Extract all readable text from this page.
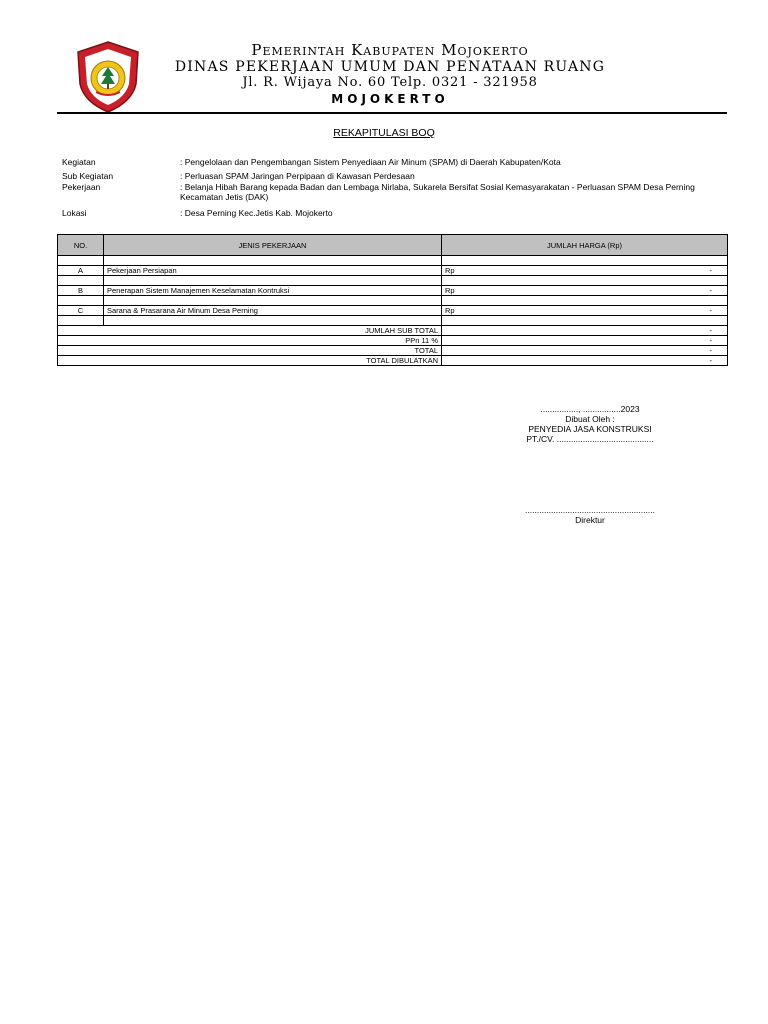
Pemerintah Kabupaten Mojokerto
DINAS PEKERJAAN UMUM DAN PENATAAN RUANG
Jl. R. Wijaya No. 60 Telp. 0321 - 321958
MOJOKERTO
REKAPITULASI BOQ
Kegiatan	: Pengelolaan dan Pengembangan Sistem Penyediaan Air Minum (SPAM) di Daerah Kabupaten/Kota
Sub Kegiatan	: Perluasan SPAM Jaringan Perpipaan di Kawasan Perdesaan
Pekerjaan	: Belanja Hibah Barang kepada Badan dan Lembaga Nirlaba, Sukarela Bersifat Sosial Kemasyarakatan - Perluasan SPAM Desa Perning Kecamatan Jetis (DAK)
Lokasi	: Desa Perning Kec.Jetis Kab. Mojokerto
NO.	JENIS PEKERJAAN	JUMLAH HARGA (Rp)

A	Pekerjaan Persiapan	Rp -

B	Penerapan Sistem Manajemen Keselamatan Kontruksi	Rp -

C	Sarana & Prasarana Air Minum Desa Perning	Rp -

JUMLAH SUB TOTAL		-

PPn 11 %		-

TOTAL		-

TOTAL DIBULATKAN		-
................, ................2023
Dibuat Oleh :
PENYEDIA JASA KONSTRUKSI
PT./CV. .........................................
.......................................................
Direktur
